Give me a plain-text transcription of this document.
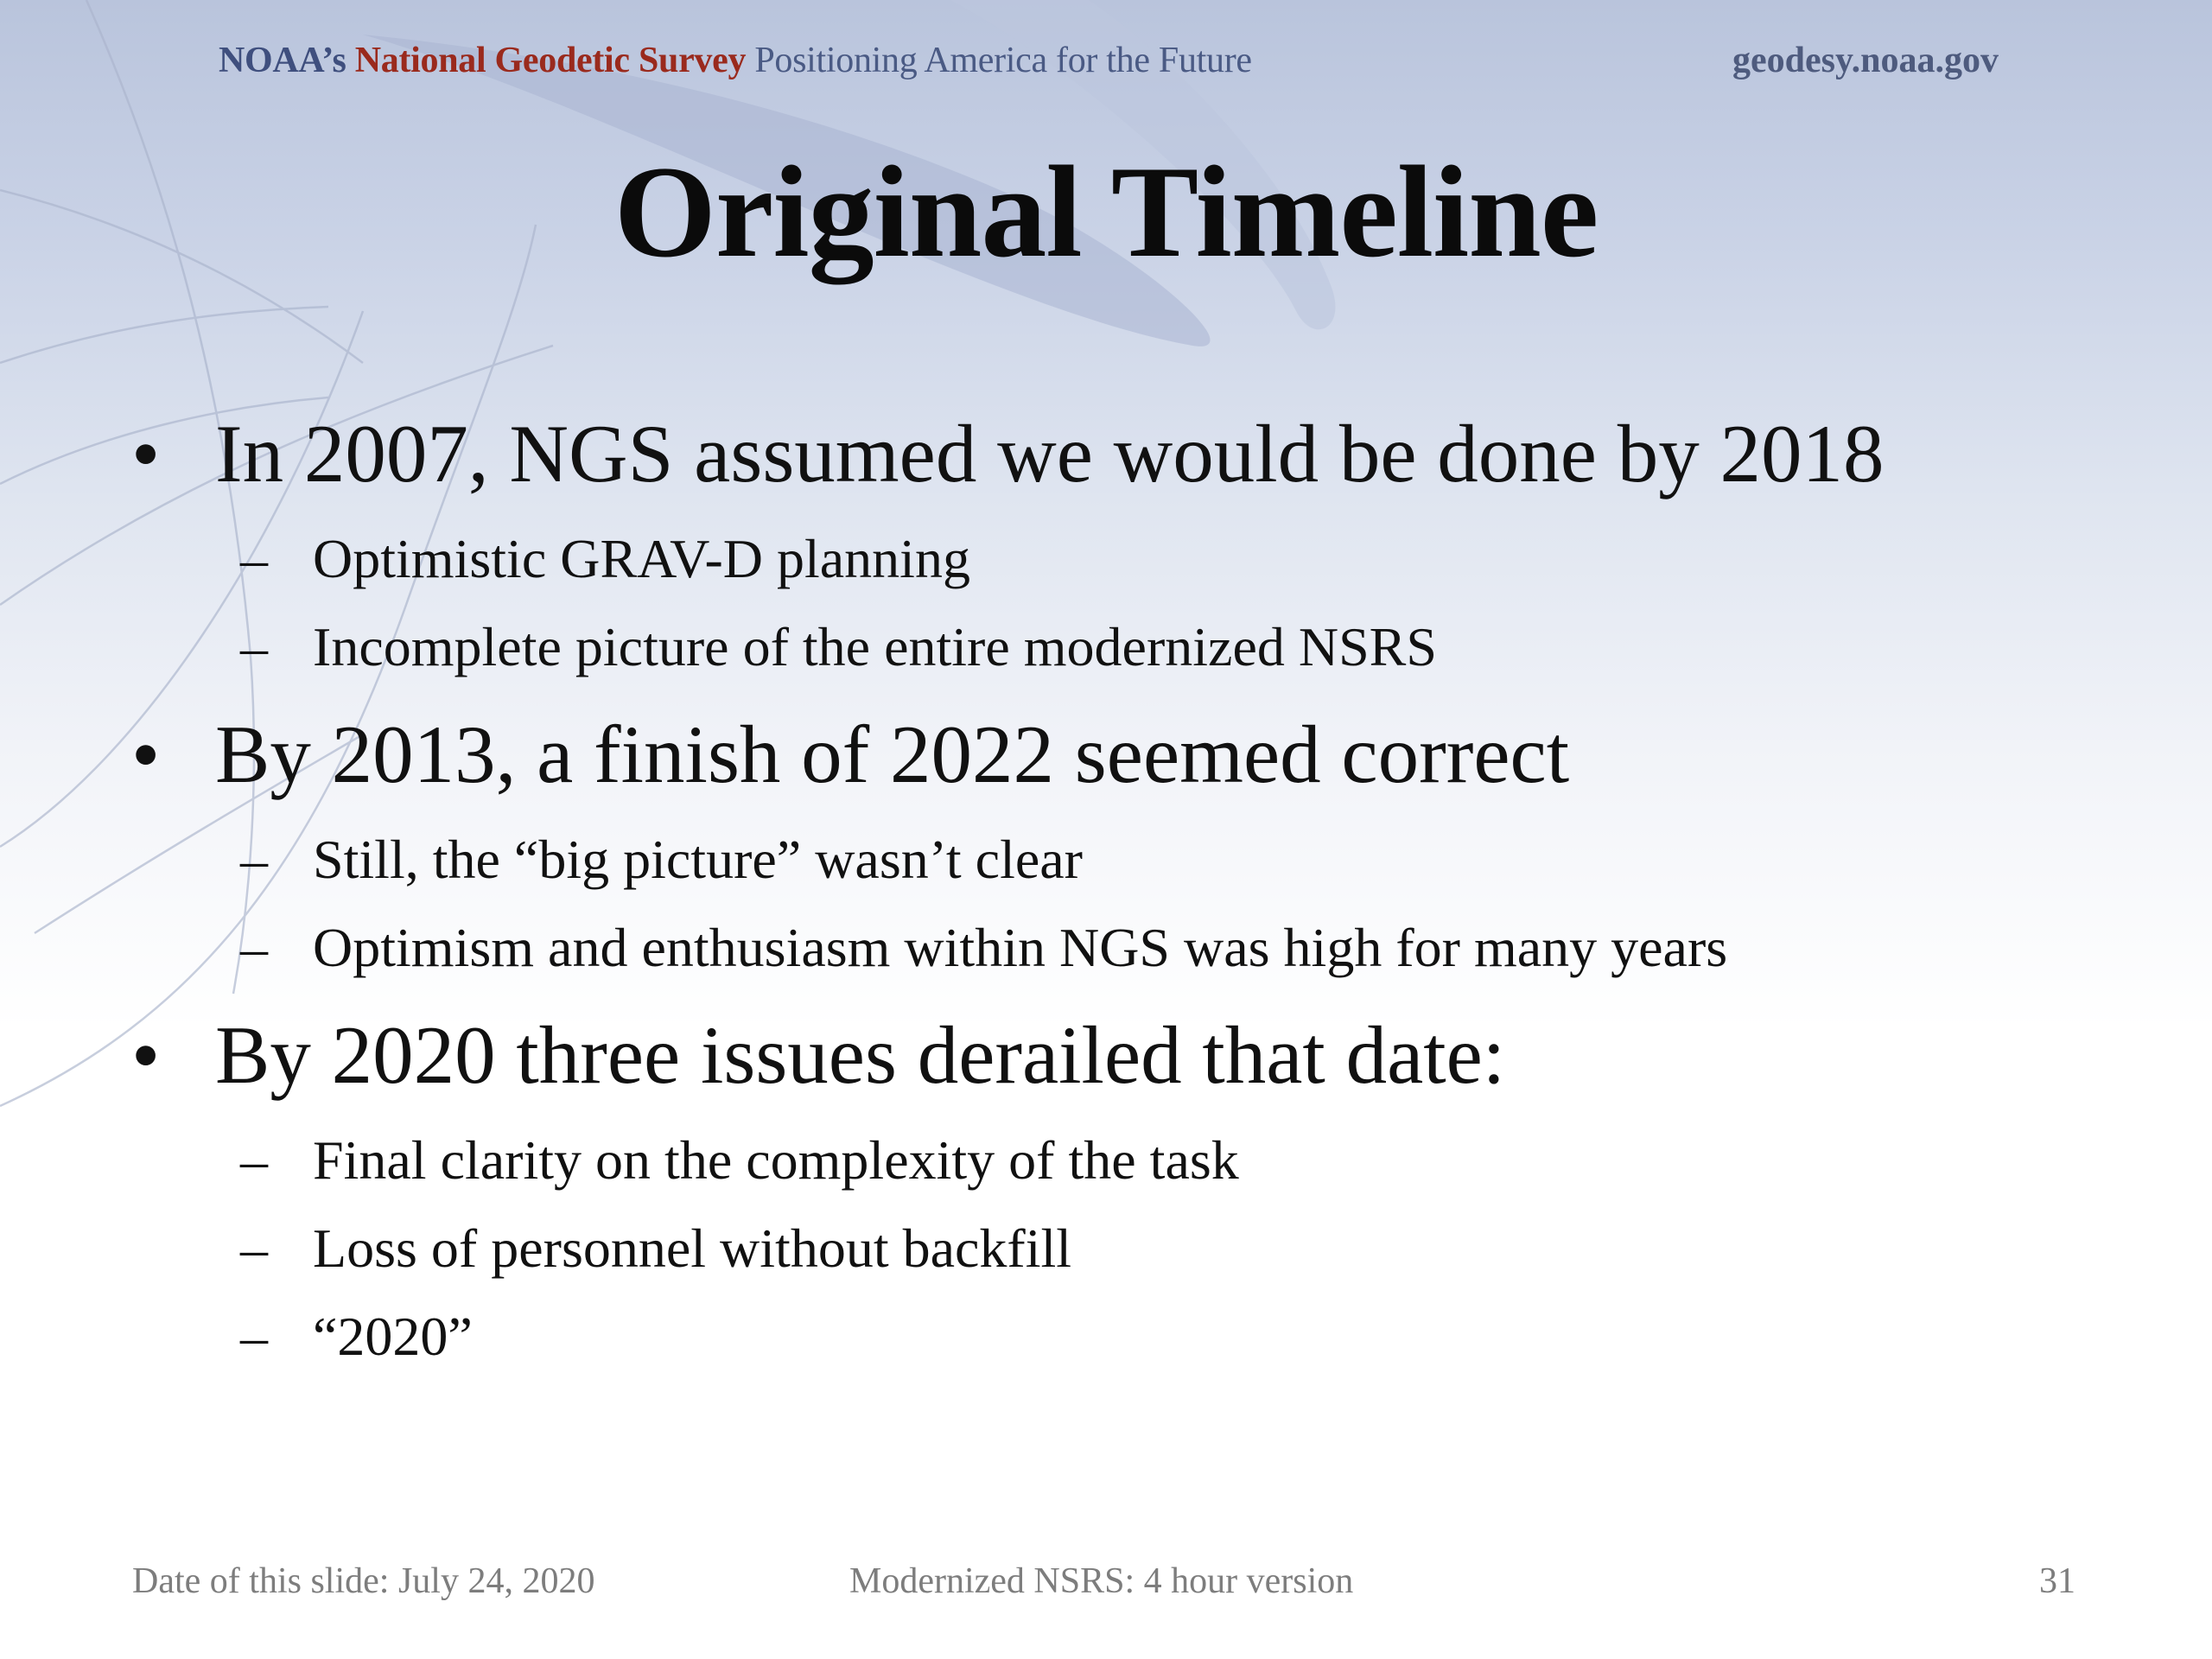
NOAA’s National Geodetic Survey Positioning America for the Future	geodesy.noaa.gov
Original Timeline
• In 2007, NGS assumed we would be done by 2018
– Optimistic GRAV-D planning
– Incomplete picture of the entire modernized NSRS
• By 2013, a finish of 2022 seemed correct
– Still, the “big picture” wasn’t clear
– Optimism and enthusiasm within NGS was high for many years
• By 2020 three issues derailed that date:
– Final clarity on the complexity of the task
– Loss of personnel without backfill
– “2020”
Date of this slide: July 24, 2020	Modernized NSRS: 4 hour version	31
